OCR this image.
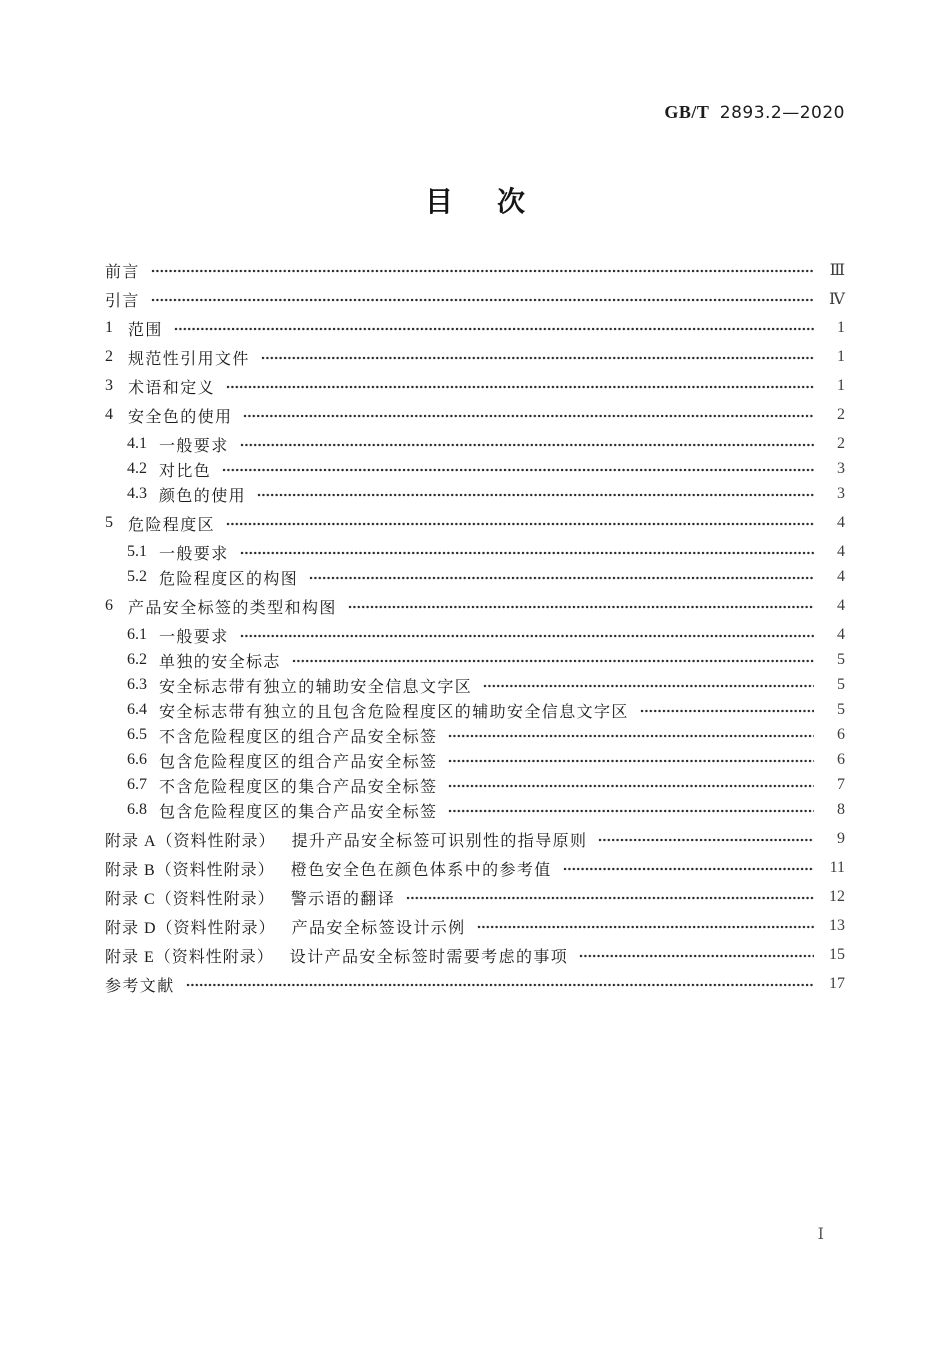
GB/T 2893.2—2020
目次
前言	Ⅲ
引言	Ⅳ
1 范围	1
2 规范性引用文件	1
3 术语和定义	1
4 安全色的使用	2
4.1 一般要求	2
4.2 对比色	3
4.3 颜色的使用	3
5 危险程度区	4
5.1 一般要求	4
5.2 危险程度区的构图	4
6 产品安全标签的类型和构图	4
6.1 一般要求	4
6.2 单独的安全标志	5
6.3 安全标志带有独立的辅助安全信息文字区	5
6.4 安全标志带有独立的且包含危险程度区的辅助安全信息文字区	5
6.5 不含危险程度区的组合产品安全标签	6
6.6 包含危险程度区的组合产品安全标签	6
6.7 不含危险程度区的集合产品安全标签	7
6.8 包含危险程度区的集合产品安全标签	8
附录 A（资料性附录） 提升产品安全标签可识别性的指导原则	9
附录 B（资料性附录） 橙色安全色在颜色体系中的参考值	11
附录 C（资料性附录） 警示语的翻译	12
附录 D（资料性附录） 产品安全标签设计示例	13
附录 E（资料性附录） 设计产品安全标签时需要考虑的事项	15
参考文献	17
Ⅰ
